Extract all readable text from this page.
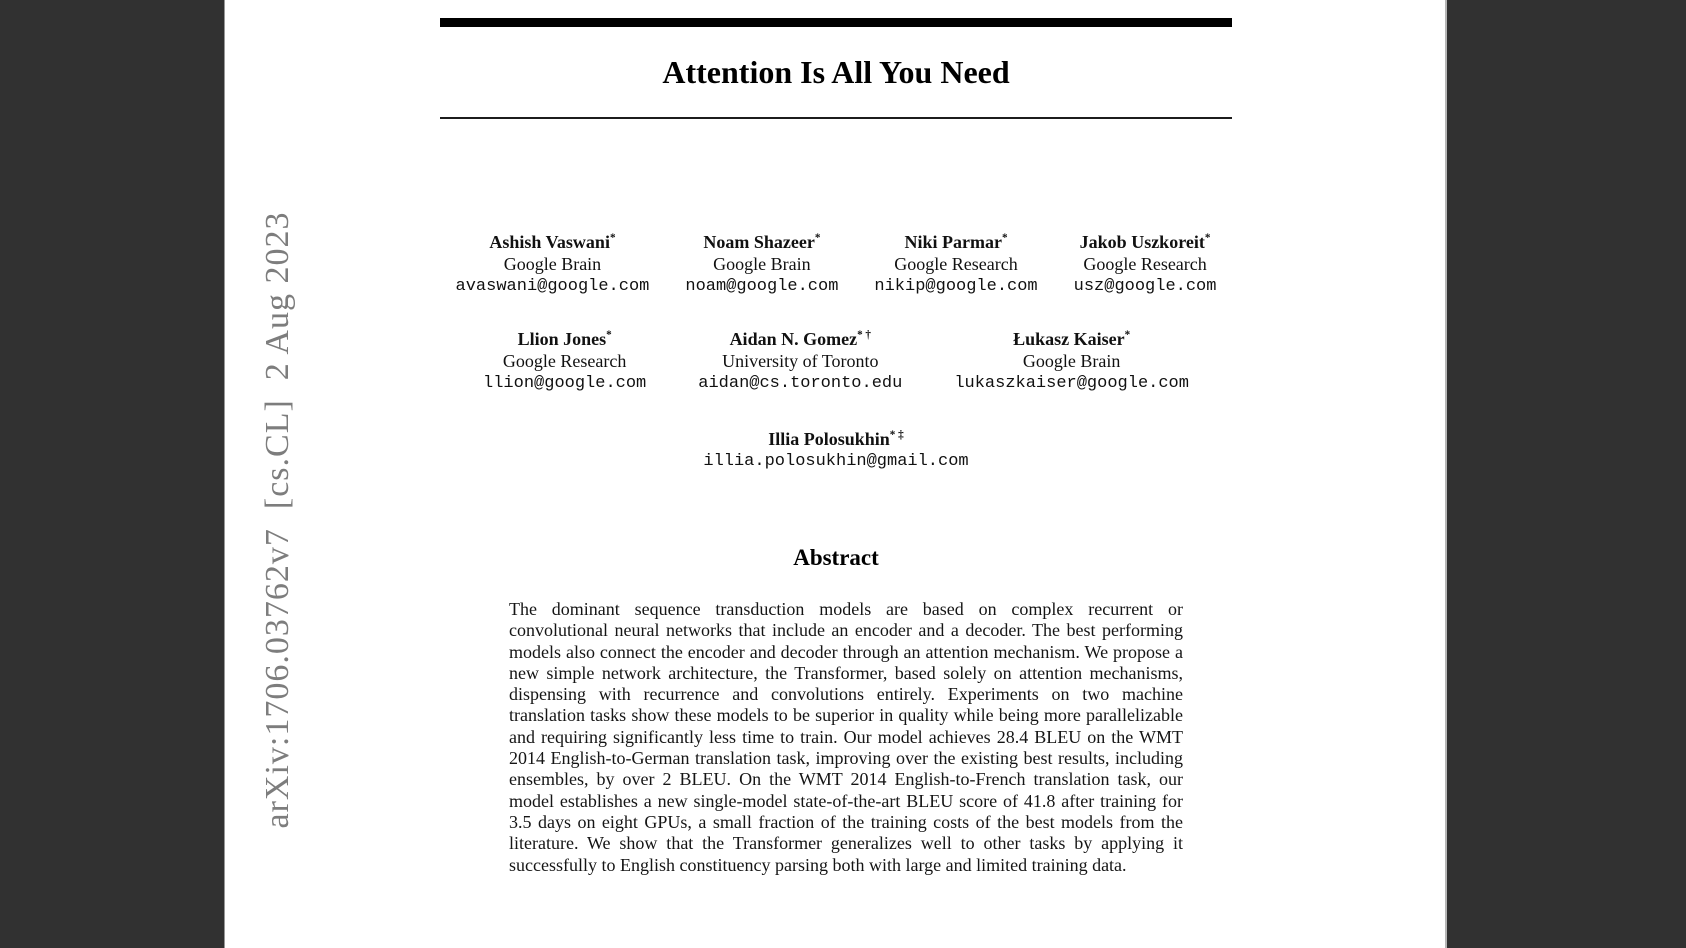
arXiv:1706.03762v7  [cs.CL]  2 Aug 2023
Attention Is All You Need
Ashish Vaswani*
Google Brain
avaswani@google.com
Noam Shazeer*
Google Brain
noam@google.com
Niki Parmar*
Google Research
nikip@google.com
Jakob Uszkoreit*
Google Research
usz@google.com
Llion Jones*
Google Research
llion@google.com
Aidan N. Gomez* †
University of Toronto
aidan@cs.toronto.edu
Łukasz Kaiser*
Google Brain
lukaszkaiser@google.com
Illia Polosukhin* ‡
illia.polosukhin@gmail.com
Abstract
The dominant sequence transduction models are based on complex recurrent or convolutional neural networks that include an encoder and a decoder. The best performing models also connect the encoder and decoder through an attention mechanism. We propose a new simple network architecture, the Transformer, based solely on attention mechanisms, dispensing with recurrence and convolutions entirely. Experiments on two machine translation tasks show these models to be superior in quality while being more parallelizable and requiring significantly less time to train. Our model achieves 28.4 BLEU on the WMT 2014 English-to-German translation task, improving over the existing best results, including ensembles, by over 2 BLEU. On the WMT 2014 English-to-French translation task, our model establishes a new single-model state-of-the-art BLEU score of 41.8 after training for 3.5 days on eight GPUs, a small fraction of the training costs of the best models from the literature. We show that the Transformer generalizes well to other tasks by applying it successfully to English constituency parsing both with large and limited training data.
